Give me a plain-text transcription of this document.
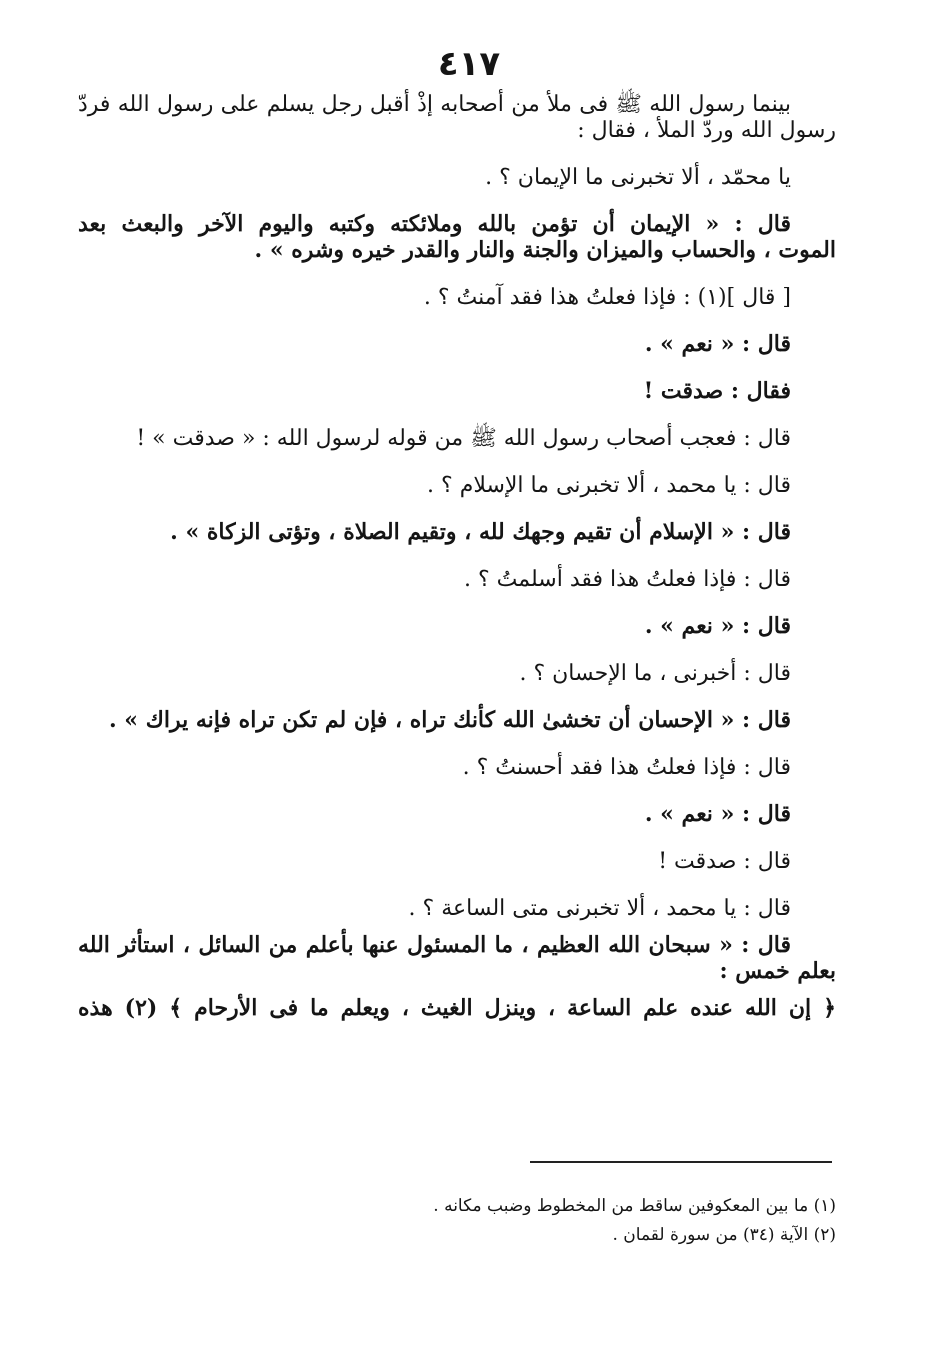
٤١٧

بينما رسول الله ﷺ فى ملأ من أصحابه إذْ أقبل رجل يسلم على رسول الله فردّ

رسول الله وردّ الملأ ، فقال :

يا محمّد ، ألا تخبرنى ما الإيمان ؟ .

قال : « الإيمان أن تؤمن بالله وملائكته وكتبه واليوم الآخر والبعث بعد

الموت ، والحساب والميزان والجنة والنار والقدر خيره وشره » .

[ قال ](١) : فإذا فعلتُ هذا فقد آمنتُ ؟ .

قال : « نعم » .

فقال : صدقت !

قال : فعجب أصحاب رسول الله ﷺ من قوله لرسول الله : « صدقت » !

قال : يا محمد ، ألا تخبرنى ما الإسلام ؟ .

قال : « الإسلام أن تقيم وجهك لله ، وتقيم الصلاة ، وتؤتى الزكاة » .

قال : فإذا فعلتُ هذا فقد أسلمتُ ؟ .

قال : « نعم » .

قال : أخبرنى ، ما الإحسان ؟ .

قال : « الإحسان أن تخشىٰ الله كأنك تراه ، فإن لم تكن تراه فإنه يراك » .

قال : فإذا فعلتُ هذا فقد أحسنتُ ؟ .

قال : « نعم » .

قال : صدقت !

قال : يا محمد ، ألا تخبرنى متى الساعة ؟ .

قال : « سبحان الله العظيم ، ما المسئول عنها بأعلم من السائل ، استأثر الله

بعلم خمس :

﴿ إن الله عنده علم الساعة ، وينزل الغيث ، ويعلم ما فى الأرحام ﴾ (٢) هذه

(١) ما بين المعكوفين ساقط من المخطوط وضبب مكانه .
(٢) الآية (٣٤) من سورة لقمان .
